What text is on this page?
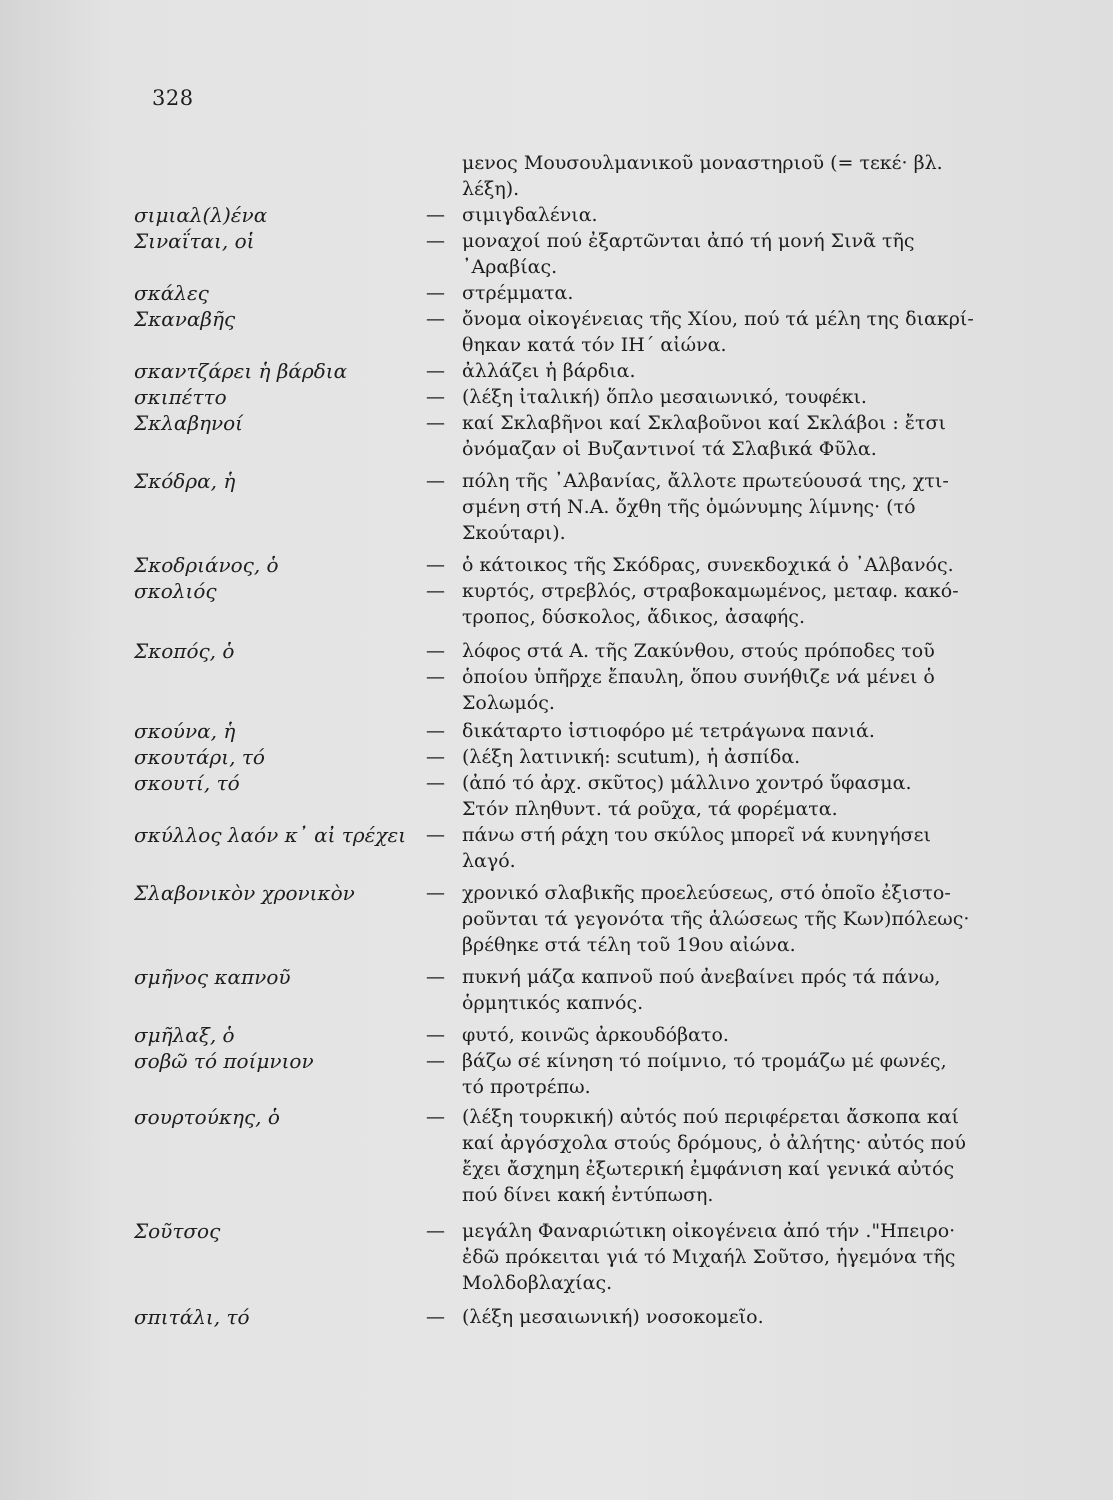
328
μενος Μουσουλμανικοῦ μοναστηριοῦ (= τεκέ· βλ.
λέξη).
σιμιαλ(λ)ένα	— σιμιγδαλένια.
Σιναΐται, οἱ	— μοναχοί πού ἐξαρτῶνται ἀπό τή μονή Σινᾶ τῆς
᾿Αραβίας.
σκάλες	— στρέμματα.
Σκαναβῆς	— ὄνομα οἰκογένειας τῆς Χίου, πού τά μέλη της διακρί-
θηκαν κατά τόν ΙΗ΄ αἰώνα.
σκαντζάρει ἡ βάρδια	— ἀλλάζει ἡ βάρδια.
σκιπέττο	— (λέξη ἰταλική) ὅπλο μεσαιωνικό, τουφέκι.
Σκλαβηνοί	— καί Σκλαβῆνοι καί Σκλαβοῦνοι καί Σκλάβοι : ἔτσι
ὀνόμαζαν οἱ Βυζαντινοί τά Σλαβικά Φῦλα.
Σκόδρα, ἡ	— πόλη τῆς ᾿Αλβανίας, ἄλλοτε πρωτεύουσά της, χτι-
σμένη στή Ν.Α. ὄχθη τῆς ὁμώνυμης λίμνης· (τό
Σκούταρι).
Σκοδριάνος, ὁ	— ὁ κάτοικος τῆς Σκόδρας, συνεκδοχικά ὁ ᾿Αλβανός.
σκολιός	— κυρτός, στρεβλός, στραβοκαμωμένος, μεταφ. κακό-
τροπος, δύσκολος, ἄδικος, ἀσαφής.
Σκοπός, ὁ	— λόφος στά Α. τῆς Ζακύνθου, στούς πρόποδες τοῦ
— ὁποίου ὑπῆρχε ἔπαυλη, ὅπου συνήθιζε νά μένει ὁ
Σολωμός.
σκούνα, ἡ	— δικάταρτο ἱστιοφόρο μέ τετράγωνα πανιά.
σκουτάρι, τό	— (λέξη λατινική: scutum), ἡ ἀσπίδα.
σκουτί, τό	— (ἀπό τό ἀρχ. σκῦτος) μάλλινο χοντρό ὕφασμα.
Στόν πληθυντ. τά ροῦχα, τά φορέματα.
σκύλλος λαόν κ᾿ αἰ τρέχει	— πάνω στή ράχη του σκύλος μπορεῖ νά κυνηγήσει
λαγό.
Σλαβονικὸν χρονικὸν	— χρονικό σλαβικῆς προελεύσεως, στό ὁποῖο ἐξιστο-
ροῦνται τά γεγονότα τῆς ἁλώσεως τῆς Κων)πόλεως·
βρέθηκε στά τέλη τοῦ 19ου αἰώνα.
σμῆνος καπνοῦ	— πυκνή μάζα καπνοῦ πού ἀνεβαίνει πρός τά πάνω,
ὁρμητικός καπνός.
σμῆλαξ, ὁ	— φυτό, κοινῶς ἀρκουδόβατο.
σοβῶ τό ποίμνιον	— βάζω σέ κίνηση τό ποίμνιο, τό τρομάζω μέ φωνές,
τό προτρέπω.
σουρτούκης, ὁ	— (λέξη τουρκική) αὐτός πού περιφέρεται ἄσκοπα καί
καί ἀργόσχολα στούς δρόμους, ὁ ἀλήτης· αὐτός πού
ἔχει ἄσχημη ἐξωτερική ἐμφάνιση καί γενικά αὐτός
πού δίνει κακή ἐντύπωση.
Σοῦτσος	— μεγάλη Φαναριώτικη οἰκογένεια ἀπό τήν ."Ηπειρο·
ἐδῶ πρόκειται γιά τό Μιχαήλ Σοῦτσο, ἡγεμόνα τῆς
Μολδοβλαχίας.
σπιτάλι, τό	— (λέξη μεσαιωνική) νοσοκομεῖο.
